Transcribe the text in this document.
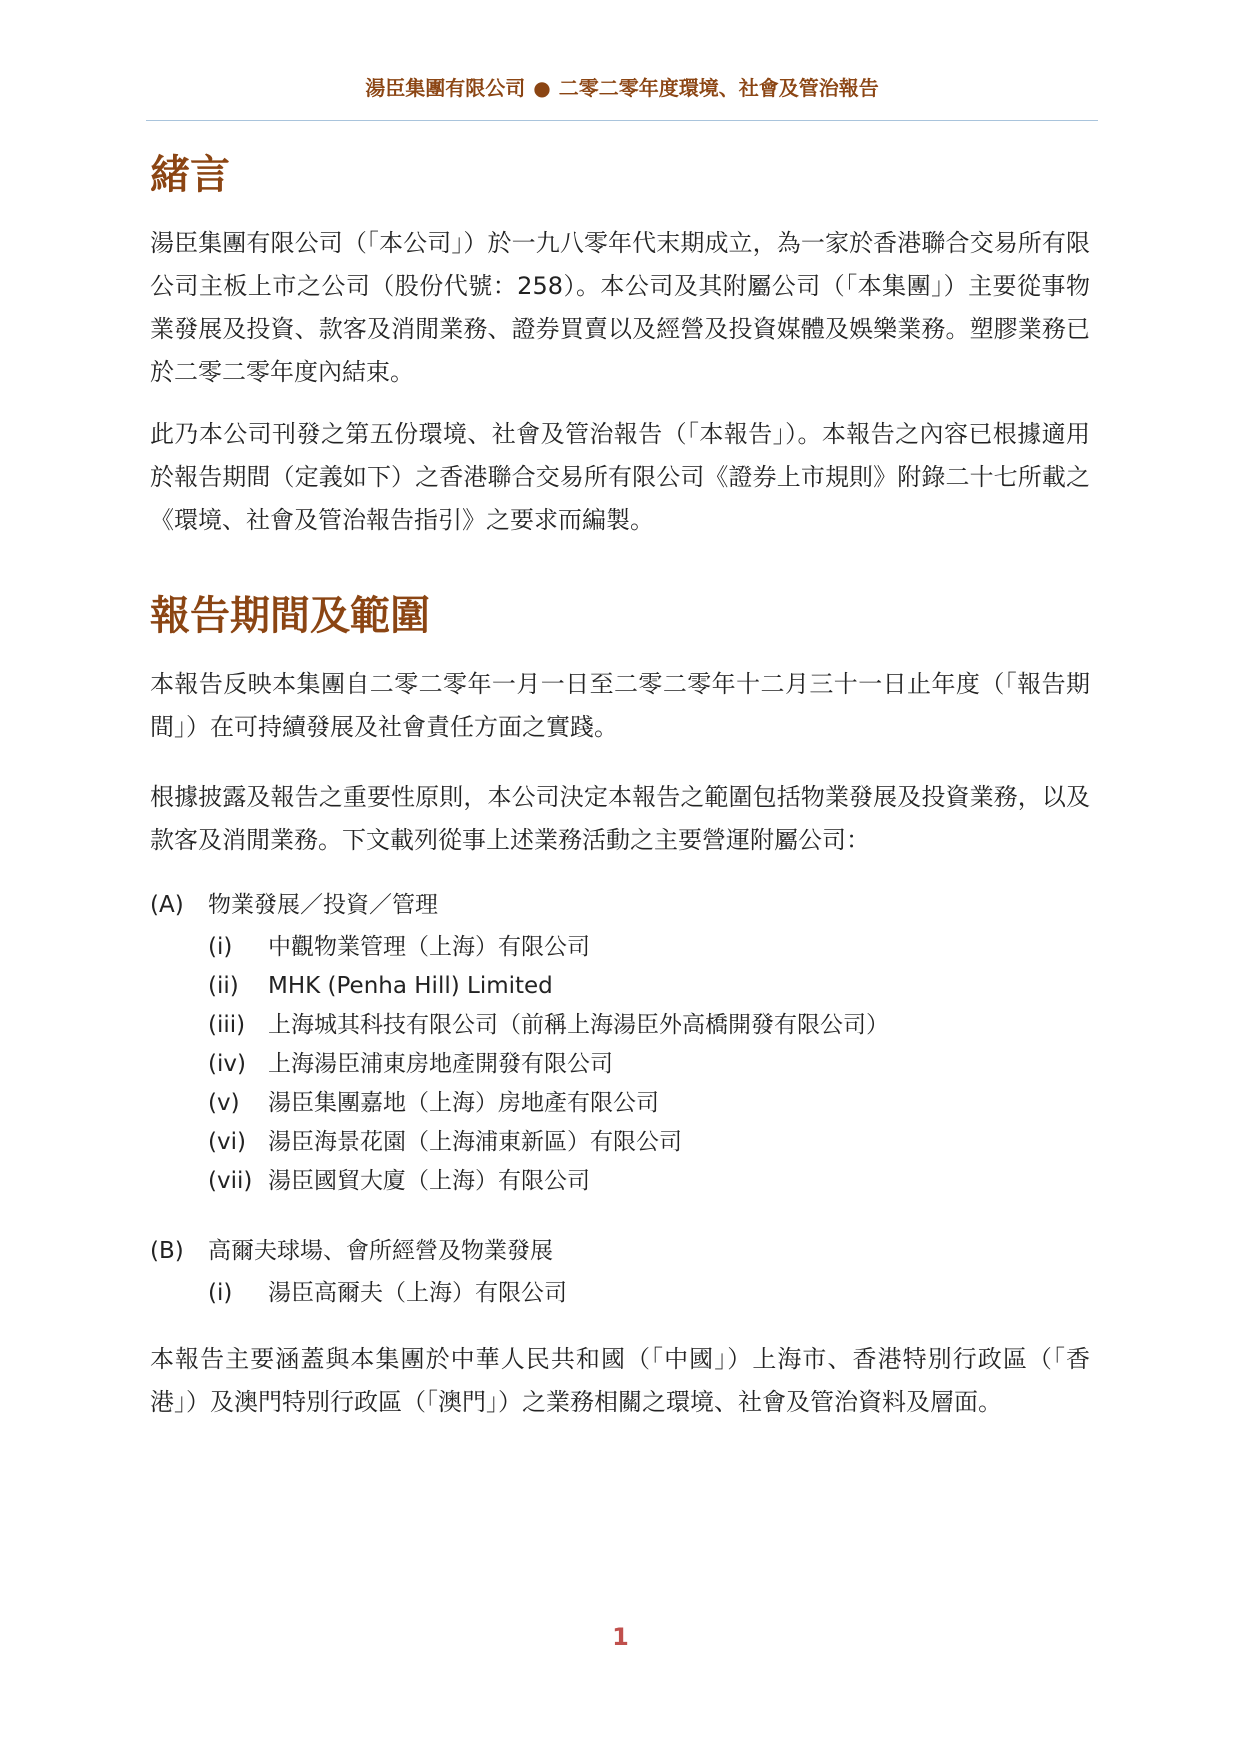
湯臣集團有限公司 ● 二零二零年度環境、社會及管治報告
緒言

湯臣集團有限公司（「本公司」）於一九八零年代末期成立，為一家於香港聯合交易所有限公司主板上市之公司（股份代號：258）。本公司及其附屬公司（「本集團」）主要從事物業發展及投資、款客及消閒業務、證券買賣以及經營及投資媒體及娛樂業務。塑膠業務已於二零二零年度內結束。

此乃本公司刊發之第五份環境、社會及管治報告（「本報告」）。本報告之內容已根據適用於報告期間（定義如下）之香港聯合交易所有限公司《證券上市規則》附錄二十七所載之《環境、社會及管治報告指引》之要求而編製。

報告期間及範圍

本報告反映本集團自二零二零年一月一日至二零二零年十二月三十一日止年度（「報告期間」）在可持續發展及社會責任方面之實踐。

根據披露及報告之重要性原則，本公司決定本報告之範圍包括物業發展及投資業務，以及款客及消閒業務。下文載列從事上述業務活動之主要營運附屬公司：

(A) 物業發展／投資／管理
(i) 中觀物業管理（上海）有限公司
(ii) MHK (Penha Hill) Limited
(iii) 上海城其科技有限公司（前稱上海湯臣外高橋開發有限公司）
(iv) 上海湯臣浦東房地產開發有限公司
(v) 湯臣集團嘉地（上海）房地產有限公司
(vi) 湯臣海景花園（上海浦東新區）有限公司
(vii) 湯臣國貿大廈（上海）有限公司
(B) 高爾夫球場、會所經營及物業發展
(i) 湯臣高爾夫（上海）有限公司

本報告主要涵蓋與本集團於中華人民共和國（「中國」）上海市、香港特別行政區（「香港」）及澳門特別行政區（「澳門」）之業務相關之環境、社會及管治資料及層面。

1
